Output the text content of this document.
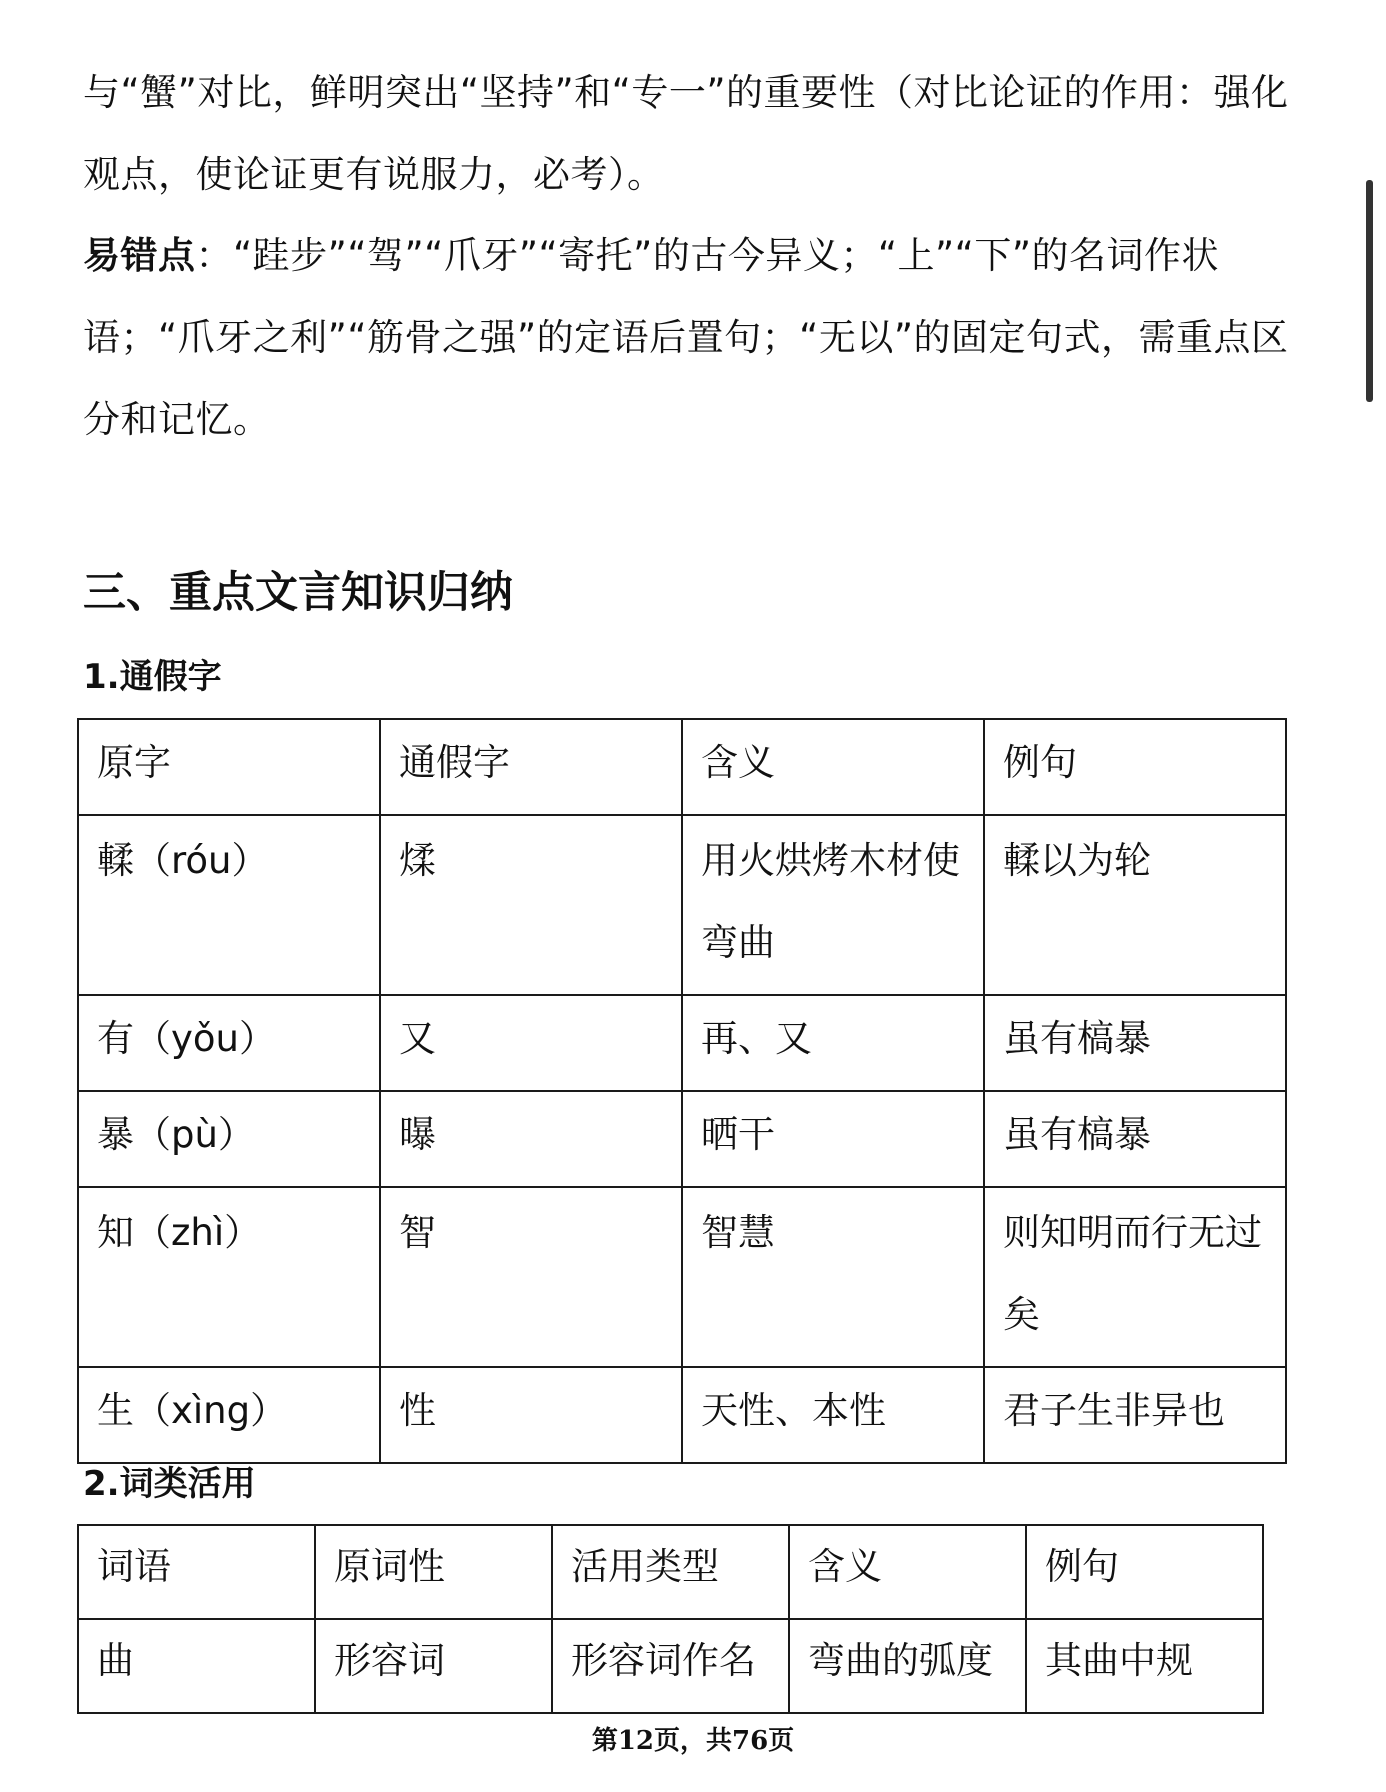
与“蟹”对比，鲜明突出“坚持”和“专一”的重要性（对比论证的作用：强化观点，使论证更有说服力，必考）。

易错点：“跬步”“驾”“爪牙”“寄托”的古今异义；“上”“下”的名词作状语；“爪牙之利”“筋骨之强”的定语后置句；“无以”的固定句式，需重点区分和记忆。

三、重点文言知识归纳
1.通假字
原字	通假字	含义	例句
輮（róu）	煣	用火烘烤木材使弯曲	輮以为轮
有（yǒu）	又	再、又	虽有槁暴
暴（pù）	曝	晒干	虽有槁暴
知（zhì）	智	智慧	则知明而行无过矣
生（xìng）	性	天性、本性	君子生非异也
2.词类活用
词语	原词性	活用类型	含义	例句
曲	形容词	形容词作名	弯曲的弧度	其曲中规
第12页，共76页
